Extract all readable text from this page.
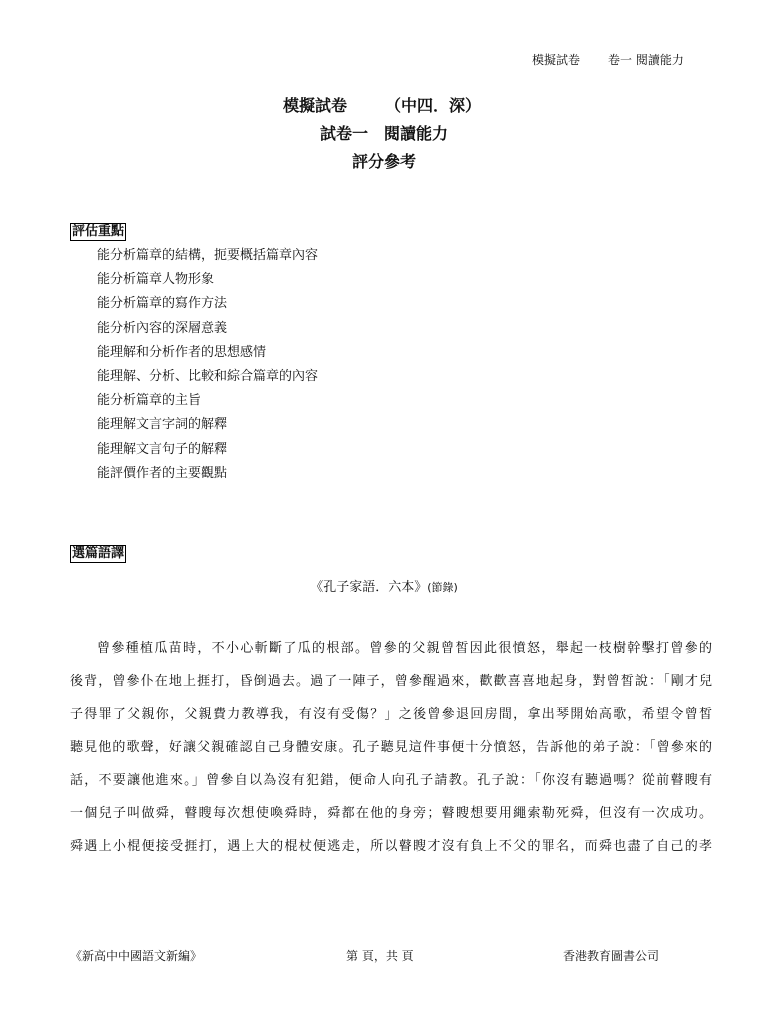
模擬試卷 卷一 閱讀能力
模擬試卷 （中四．深）
試卷一　閱讀能力
評分參考
評估重點
能分析篇章的結構，扼要概括篇章內容
能分析篇章人物形象
能分析篇章的寫作方法
能分析內容的深層意義
能理解和分析作者的思想感情
能理解、分析、比較和綜合篇章的內容
能分析篇章的主旨
能理解文言字詞的解釋
能理解文言句子的解釋
能評價作者的主要觀點
選篇語譯
《孔子家語．六本》(節錄)
曾參種植瓜苗時，不小心斬斷了瓜的根部。曾參的父親曾皙因此很憤怒，舉起一枝樹幹擊打曾參的
後背，曾參仆在地上捱打，昏倒過去。過了一陣子，曾參醒過來，歡歡喜喜地起身，對曾皙說：「剛才兒
子得罪了父親你，父親費力教導我，有沒有受傷？」之後曾參退回房間，拿出琴開始高歌，希望令曾皙
聽見他的歌聲，好讓父親確認自己身體安康。孔子聽見這件事便十分憤怒，告訴他的弟子說：「曾參來的
話，不要讓他進來。」曾參自以為沒有犯錯，便命人向孔子請教。孔子說：「你沒有聽過嗎？從前瞽瞍有
一個兒子叫做舜，瞽瞍每次想使喚舜時，舜都在他的身旁；瞽瞍想要用繩索勒死舜，但沒有一次成功。
舜遇上小棍便接受捱打，遇上大的棍杖便逃走，所以瞽瞍才沒有負上不父的罪名，而舜也盡了自己的孝
《新高中中國語文新編》	第 頁，共 頁	香港教育圖書公司
